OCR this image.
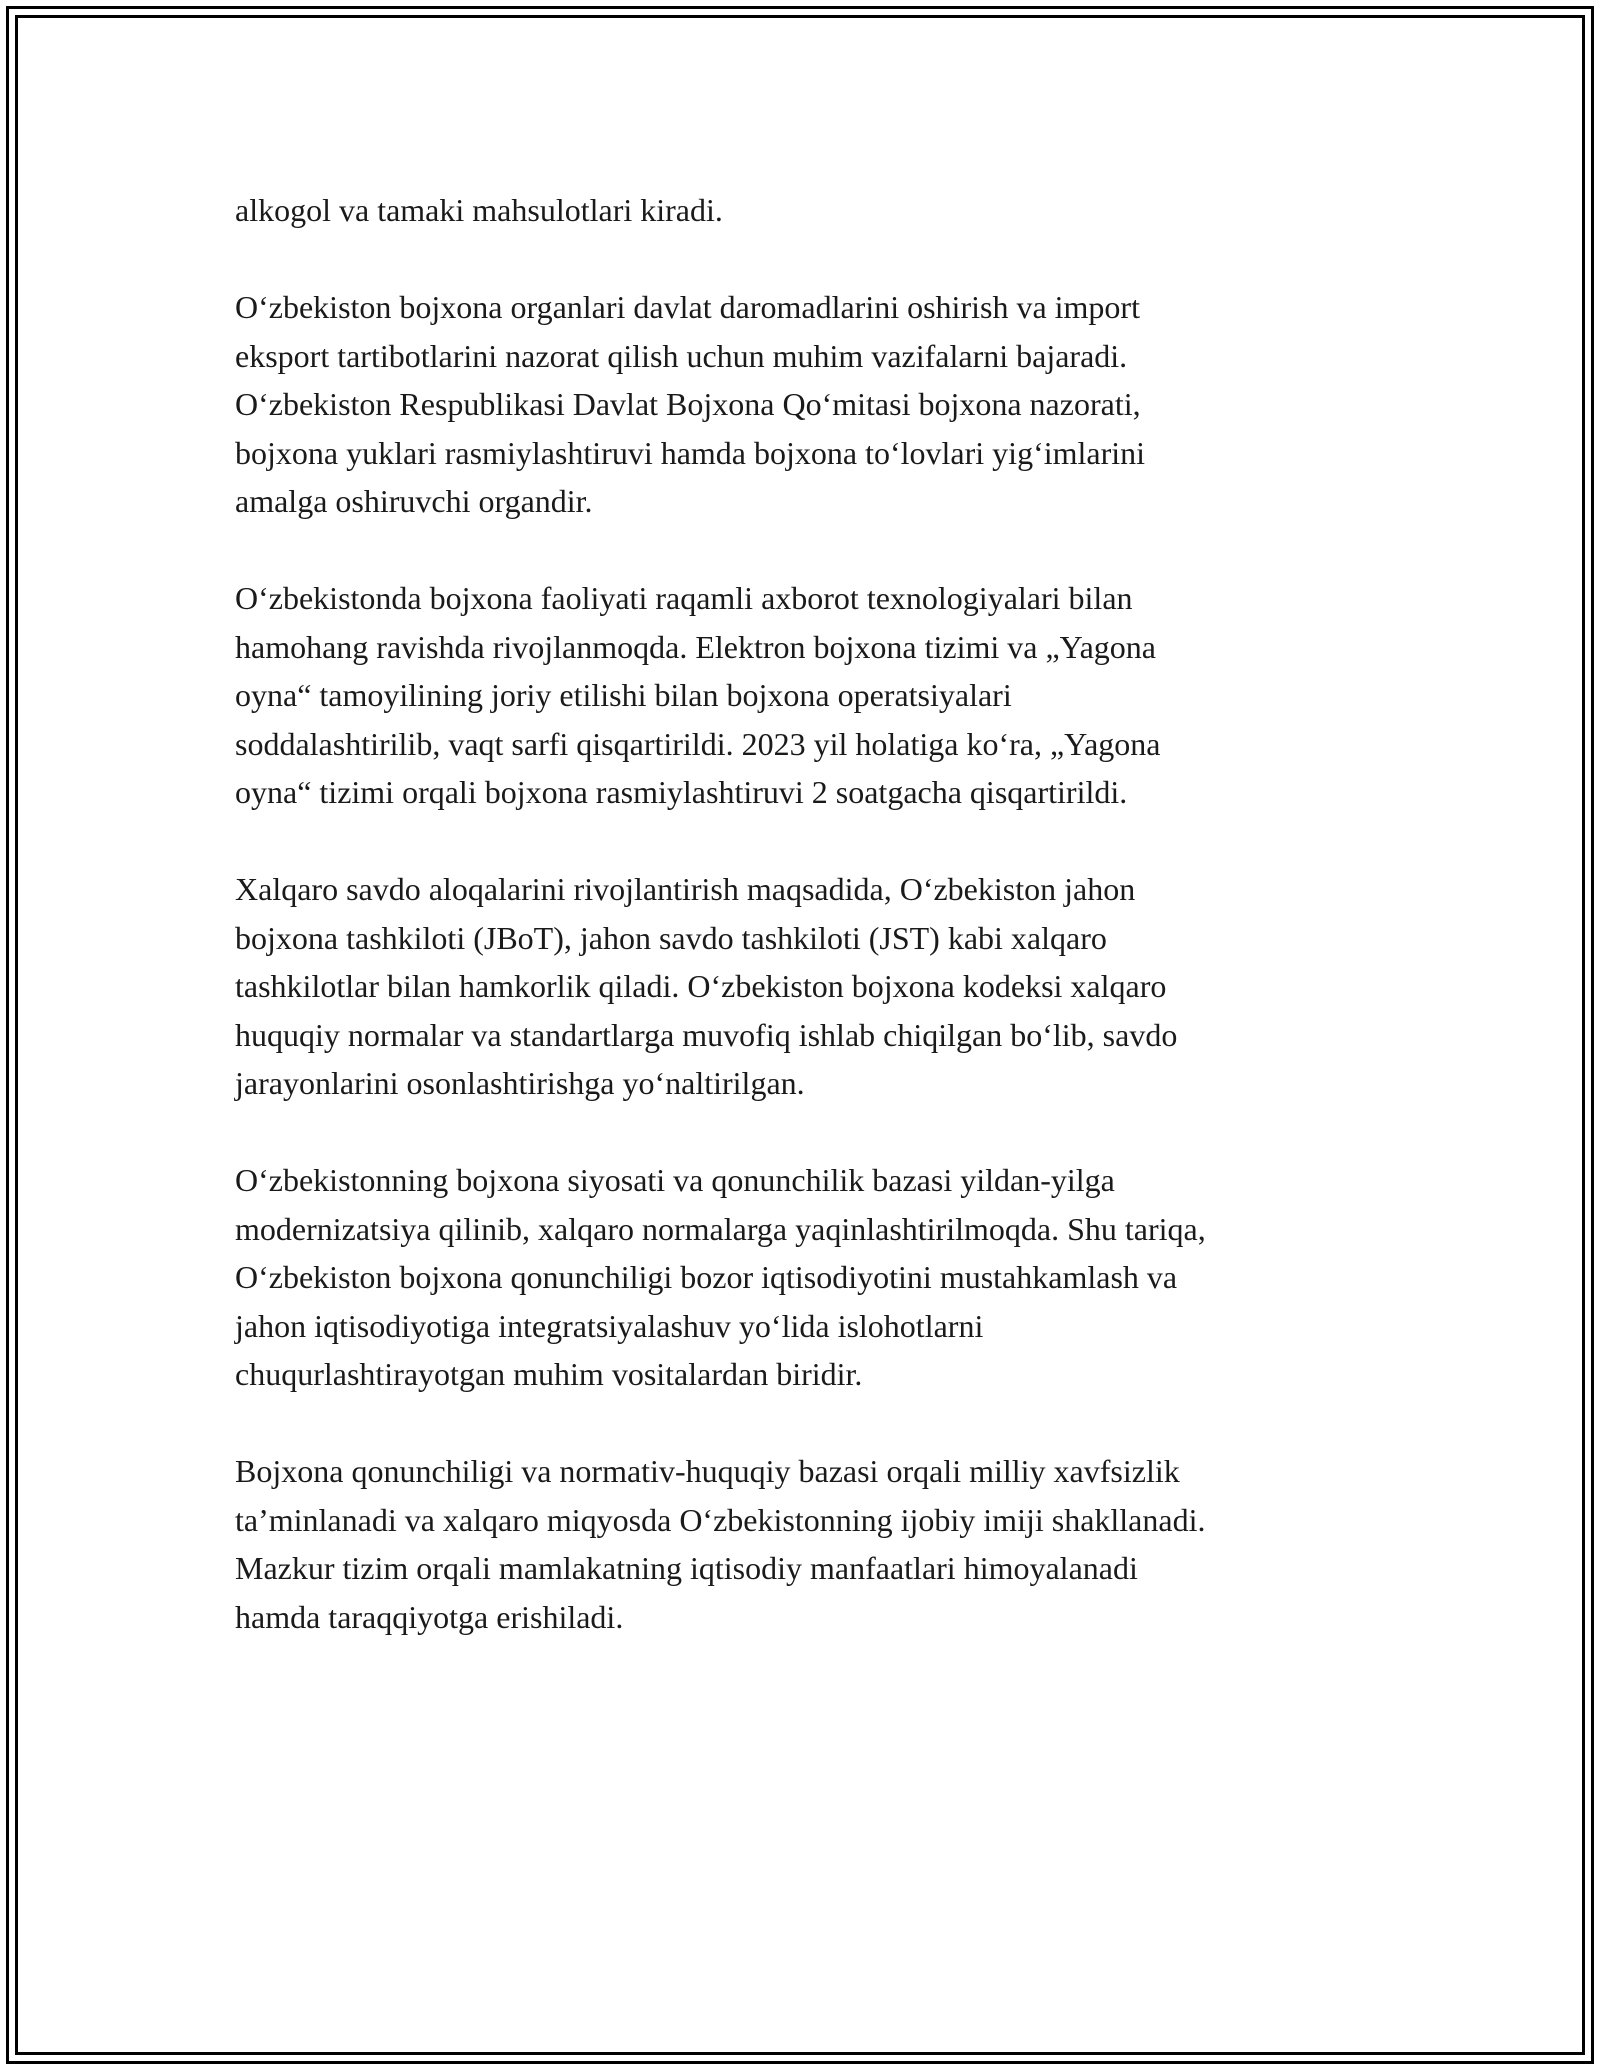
alkogol va tamaki mahsulotlari kiradi.

O‘zbekiston bojxona organlari davlat daromadlarini oshirish va import
eksport tartibotlarini nazorat qilish uchun muhim vazifalarni bajaradi.
O‘zbekiston Respublikasi Davlat Bojxona Qo‘mitasi bojxona nazorati,
bojxona yuklari rasmiylashtiruvi hamda bojxona to‘lovlari yig‘imlarini
amalga oshiruvchi organdir.

O‘zbekistonda bojxona faoliyati raqamli axborot texnologiyalari bilan
hamohang ravishda rivojlanmoqda. Elektron bojxona tizimi va „Yagona
oyna“ tamoyilining joriy etilishi bilan bojxona operatsiyalari
soddalashtirilib, vaqt sarfi qisqartirildi. 2023 yil holatiga ko‘ra, „Yagona
oyna“ tizimi orqali bojxona rasmiylashtiruvi 2 soatgacha qisqartirildi.

Xalqaro savdo aloqalarini rivojlantirish maqsadida, O‘zbekiston jahon
bojxona tashkiloti (JBoT), jahon savdo tashkiloti (JST) kabi xalqaro
tashkilotlar bilan hamkorlik qiladi. O‘zbekiston bojxona kodeksi xalqaro
huquqiy normalar va standartlarga muvofiq ishlab chiqilgan bo‘lib, savdo
jarayonlarini osonlashtirishga yo‘naltirilgan.

O‘zbekistonning bojxona siyosati va qonunchilik bazasi yildan-yilga
modernizatsiya qilinib, xalqaro normalarga yaqinlashtirilmoqda. Shu tariqa,
O‘zbekiston bojxona qonunchiligi bozor iqtisodiyotini mustahkamlash va
jahon iqtisodiyotiga integratsiyalashuv yo‘lida islohotlarni
chuqurlashtirayotgan muhim vositalardan biridir.

Bojxona qonunchiligi va normativ-huquqiy bazasi orqali milliy xavfsizlik
ta’minlanadi va xalqaro miqyosda O‘zbekistonning ijobiy imiji shakllanadi.
Mazkur tizim orqali mamlakatning iqtisodiy manfaatlari himoyalanadi
hamda taraqqiyotga erishiladi.
